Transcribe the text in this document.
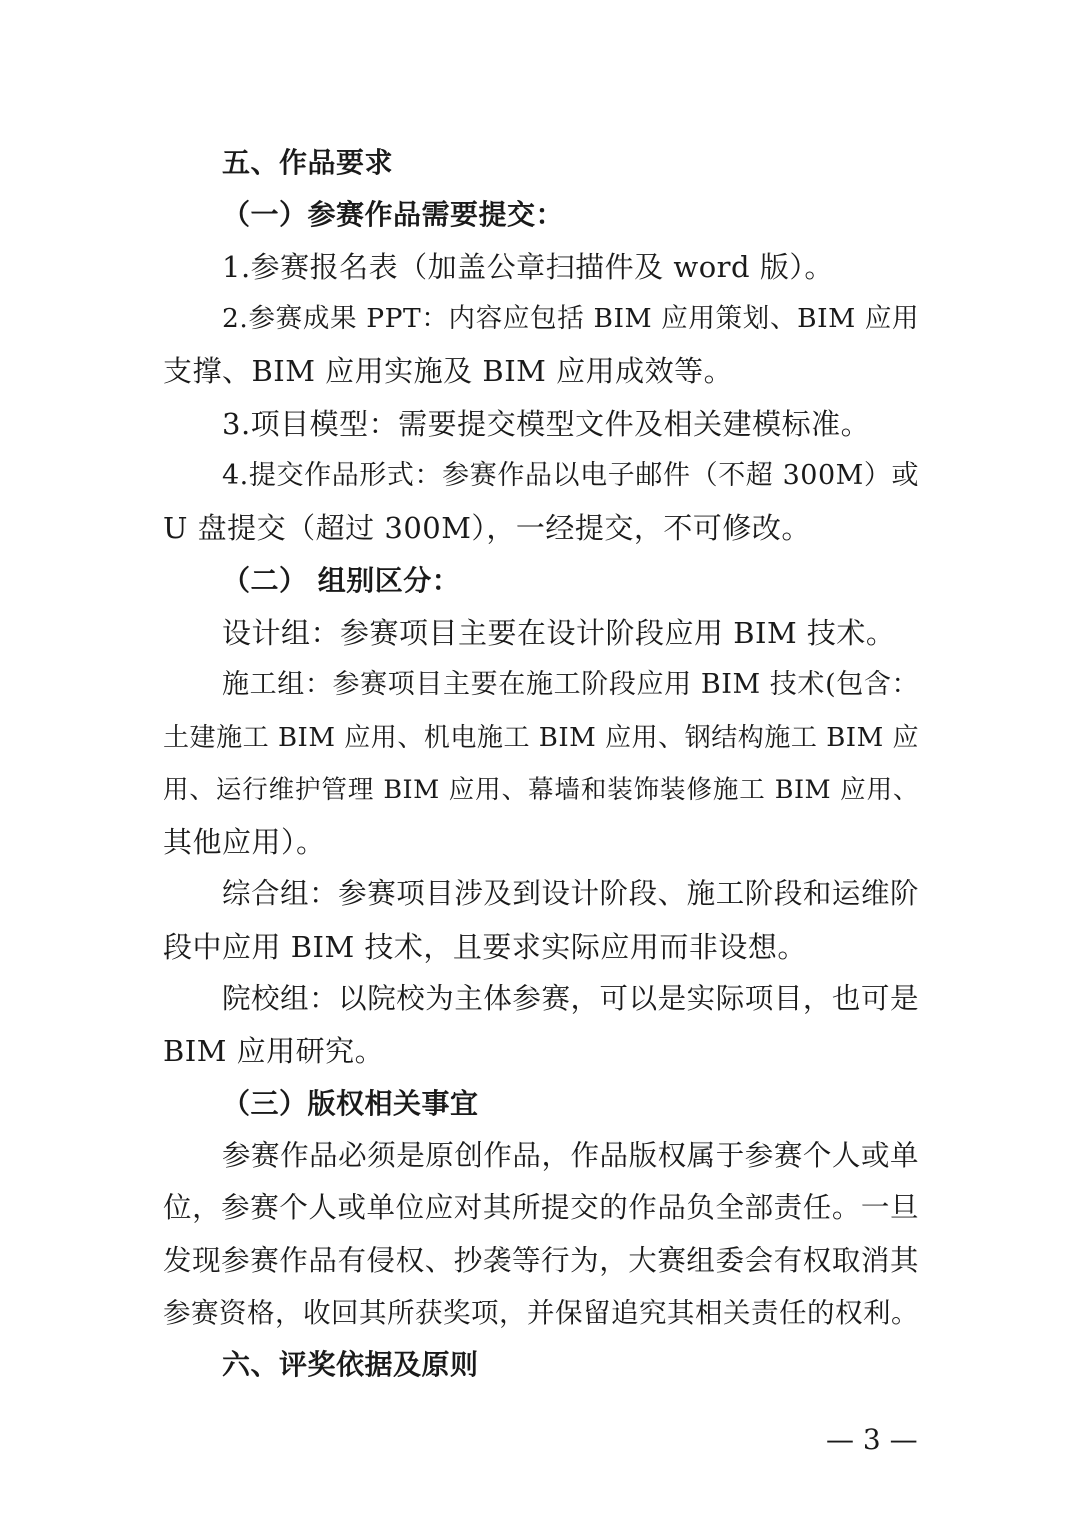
五、作品要求
（一）参赛作品需要提交：
1.参赛报名表（加盖公章扫描件及 word 版）。
2.参赛成果 PPT：内容应包括 BIM 应用策划、BIM 应用
支撑、BIM 应用实施及 BIM 应用成效等。
3.项目模型：需要提交模型文件及相关建模标准。
4.提交作品形式：参赛作品以电子邮件（不超 300M）或
U 盘提交（超过 300M），一经提交，不可修改。
（二） 组别区分：
设计组：参赛项目主要在设计阶段应用 BIM 技术。
施工组：参赛项目主要在施工阶段应用 BIM 技术(包含：
土建施工 BIM 应用、机电施工 BIM 应用、钢结构施工 BIM 应
用、运行维护管理 BIM 应用、幕墙和装饰装修施工 BIM 应用、
其他应用）。
综合组：参赛项目涉及到设计阶段、施工阶段和运维阶
段中应用 BIM 技术，且要求实际应用而非设想。
院校组：以院校为主体参赛，可以是实际项目，也可是
BIM 应用研究。
（三）版权相关事宜
参赛作品必须是原创作品，作品版权属于参赛个人或单
位，参赛个人或单位应对其所提交的作品负全部责任。一旦
发现参赛作品有侵权、抄袭等行为，大赛组委会有权取消其
参赛资格，收回其所获奖项，并保留追究其相关责任的权利。
六、评奖依据及原则
— 3 —
